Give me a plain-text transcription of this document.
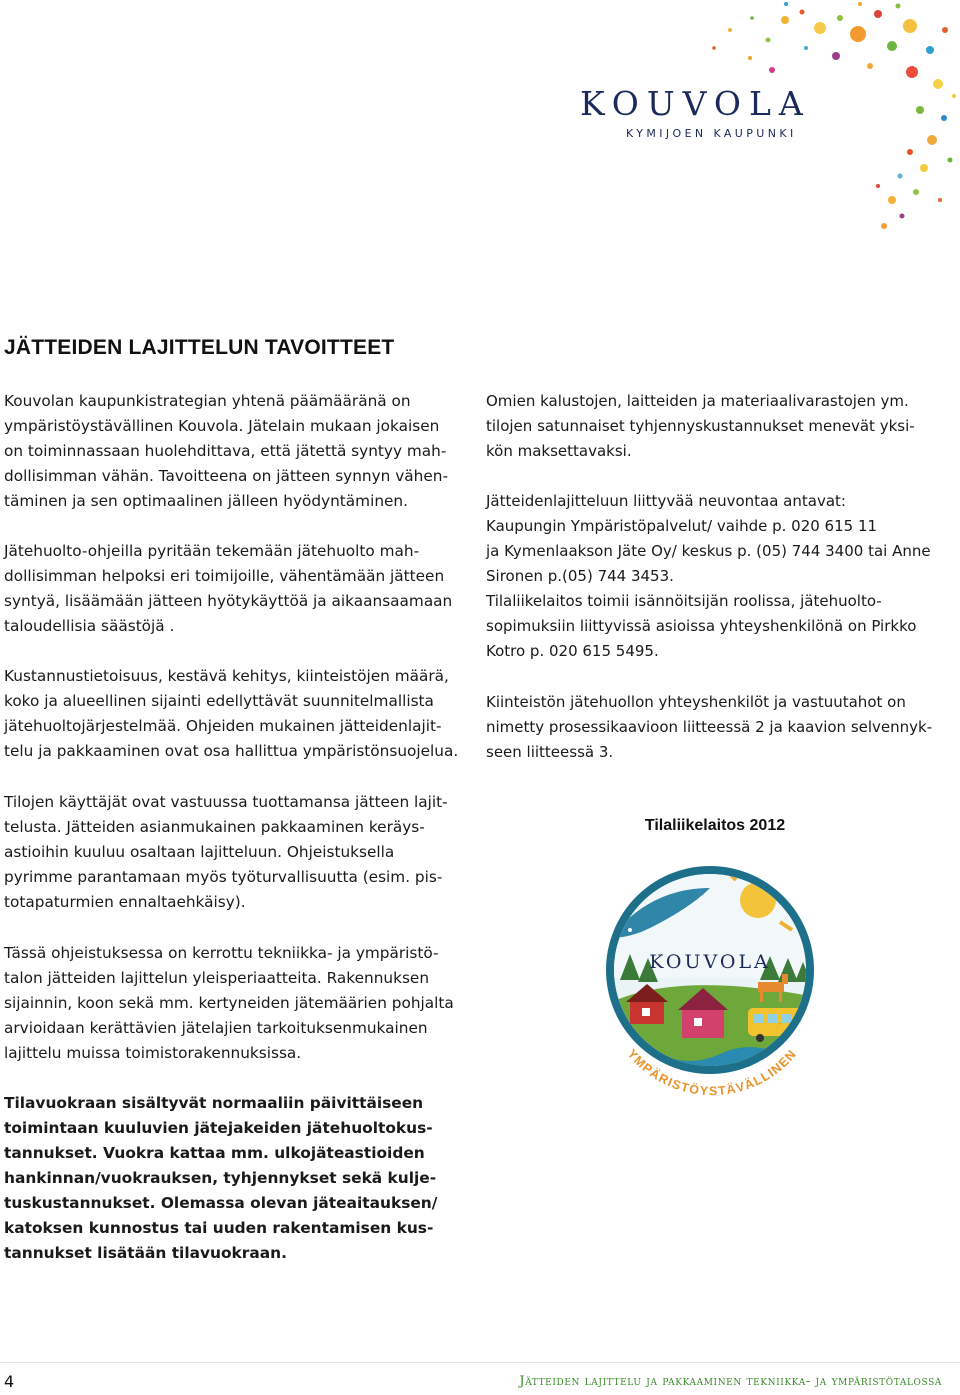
KOUVOLA
KYMIJOEN KAUPUNKI
JÄTTEIDEN LAJITTELUN TAVOITTEET
Kouvolan kaupunkistrategian yhtenä päämääränä on
ympäristöystävällinen Kouvola. Jätelain mukaan jokaisen
on toiminnassaan huolehdittava, että jätettä syntyy mah-
dollisimman vähän. Tavoitteena on jätteen synnyn vähen-
täminen ja sen optimaalinen jälleen hyödyntäminen.
Jätehuolto-ohjeilla pyritään tekemään jätehuolto mah-
dollisimman helpoksi eri toimijoille, vähentämään jätteen
syntyä, lisäämään jätteen hyötykäyttöä ja aikaansaamaan
taloudellisia säästöjä .
Kustannustietoisuus, kestävä kehitys, kiinteistöjen määrä,
koko ja alueellinen sijainti edellyttävät suunnitelmallista
jätehuoltojärjestelmää. Ohjeiden mukainen jätteidenlajit-
telu ja pakkaaminen ovat osa hallittua ympäristönsuojelua.
Tilojen käyttäjät ovat vastuussa tuottamansa jätteen lajit-
telusta. Jätteiden asianmukainen pakkaaminen keräys-
astioihin kuuluu osaltaan lajitteluun. Ohjeistuksella
pyrimme parantamaan myös työturvallisuutta (esim. pis-
totapaturmien ennaltaehkäisy).
Tässä ohjeistuksessa on kerrottu tekniikka- ja ympäristö-
talon jätteiden lajittelun yleisperiaatteita. Rakennuksen
sijainnin, koon sekä mm. kertyneiden jätemäärien pohjalta
arvioidaan kerättävien jätelajien tarkoituksenmukainen
lajittelu muissa toimistorakennuksissa.
Tilavuokraan sisältyvät normaaliin päivittäiseen
toimintaan kuuluvien jätejakeiden jätehuoltokus-
tannukset. Vuokra kattaa mm. ulkojäteastioiden
hankinnan/vuokrauksen, tyhjennykset sekä kulje-
tuskustannukset. Olemassa olevan jäteaitauksen/
katoksen kunnostus tai uuden rakentamisen kus-
tannukset lisätään tilavuokraan.
Omien kalustojen, laitteiden ja materiaalivarastojen ym.
tilojen satunnaiset tyhjennyskustannukset menevät yksi-
kön maksettavaksi.
Jätteidenlajitteluun liittyvää neuvontaa antavat:
Kaupungin Ympäristöpalvelut/ vaihde p. 020 615 11
ja Kymenlaakson Jäte Oy/ keskus p. (05) 744 3400 tai Anne
Sironen p.(05) 744 3453.
Tilaliikelaitos toimii isännöitsijän roolissa, jätehuolto-
sopimuksiin liittyvissä asioissa yhteyshenkilönä on Pirkko
Kotro p. 020 615 5495.
Kiinteistön jätehuollon yhteyshenkilöt ja vastuutahot on
nimetty prosessikaavioon liitteessä 2 ja kaavion selvennyk-
seen liitteessä 3.
Tilaliikelaitos 2012
KOUVOLA
YMPÄRISTÖYSTÄVÄLLINEN
4	Jätteiden lajittelu ja pakkaaminen tekniikka- ja ympäristötalossa
